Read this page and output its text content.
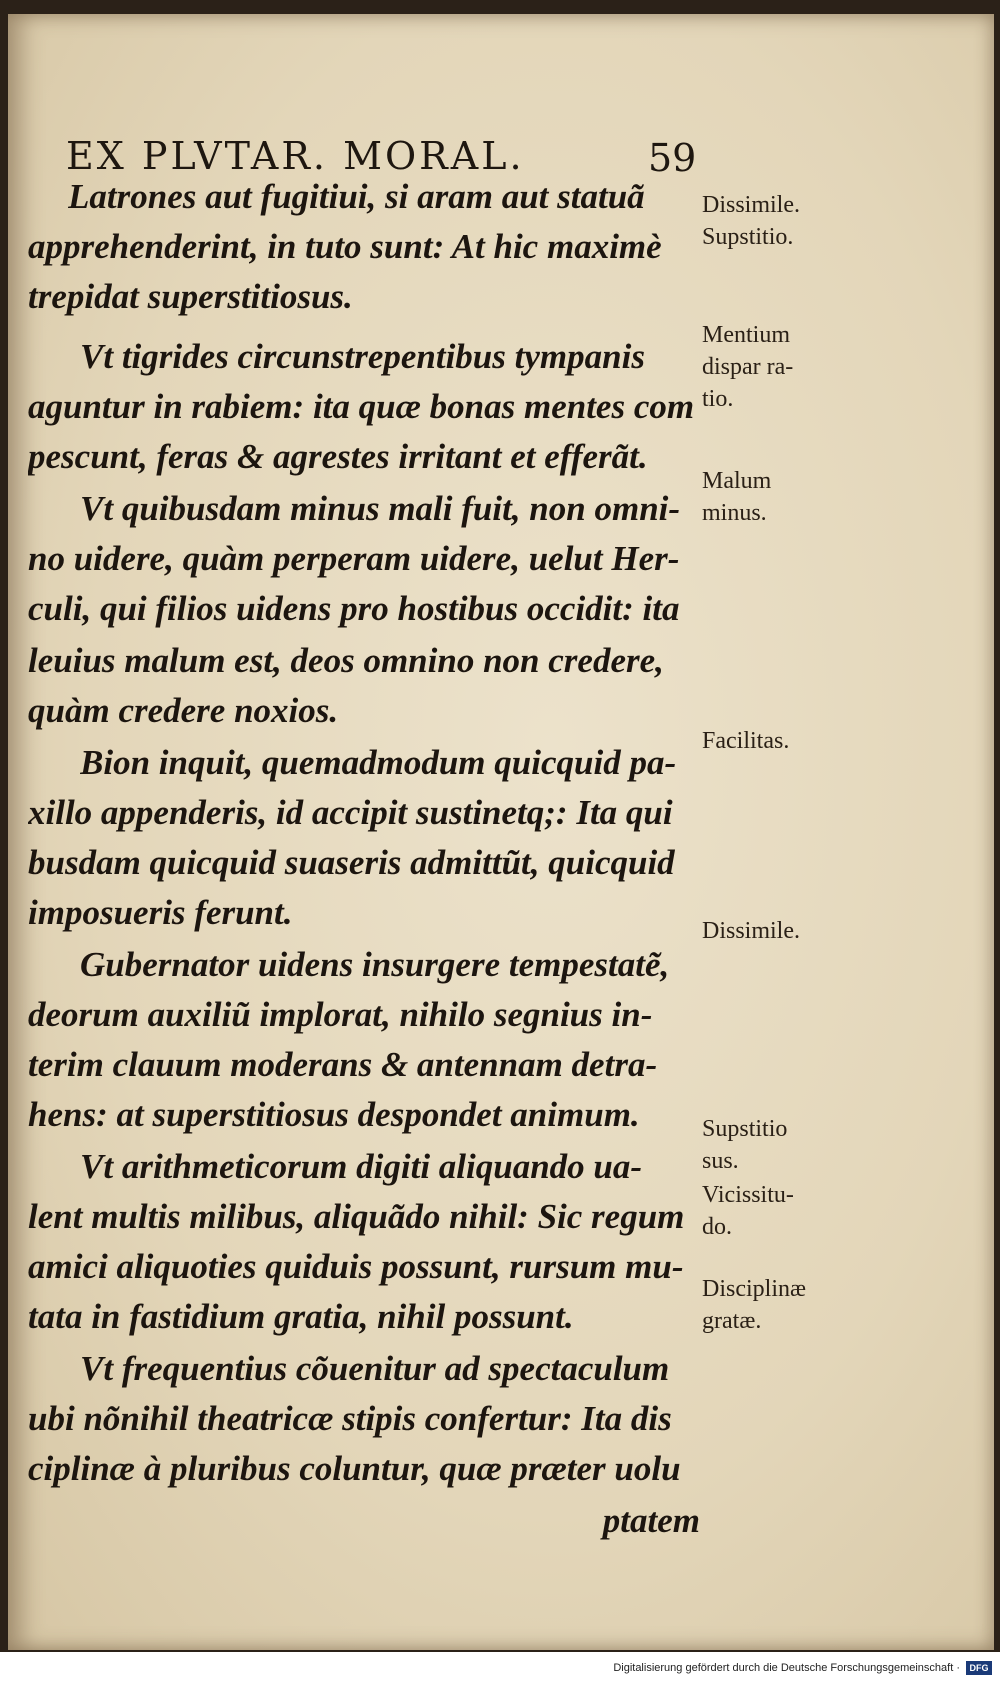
EX PLVTAR. MORAL.	59
Latrones aut fugitiui, si aram aut statuã
apprehenderint, in tuto sunt: At hic maximè
trepidat superstitiosus.
Vt tigrides circunstrepentibus tympanis
aguntur in rabiem: ita quæ bonas mentes com
pescunt, feras & agrestes irritant et efferãt.
Vt quibusdam minus mali fuit, non omni-
no uidere, quàm perperam uidere, uelut Her-
culi, qui filios uidens pro hostibus occidit: ita
leuius malum est, deos omnino non credere,
quàm credere noxios.
Bion inquit, quemadmodum quicquid pa-
xillo appenderis, id accipit sustinetq;: Ita qui
busdam quicquid suaseris admittũt, quicquid
imposueris ferunt.
Gubernator uidens insurgere tempestatẽ,
deorum auxiliũ implorat, nihilo segnius in-
terim clauum moderans & antennam detra-
hens: at superstitiosus despondet animum.
Vt arithmeticorum digiti aliquando ua-
lent multis milibus, aliquãdo nihil: Sic regum
amici aliquoties quiduis possunt, rursum mu-
tata in fastidium gratia, nihil possunt.
Vt frequentius cõuenitur ad spectaculum
ubi nõnihil theatricæ stipis confertur: Ita dis
ciplinæ à pluribus coluntur, quæ præter uolu
ptatem
Dissimile.
Supstitio.
Mentium
dispar ra-
tio.
Malum
minus.
Facilitas.
Dissimile.
Supstitio
sus.
Vicissitu-
do.
Disciplinæ
gratæ.
Digitalisierung gefördert durch die Deutsche Forschungsgemeinschaft ·	DFG
